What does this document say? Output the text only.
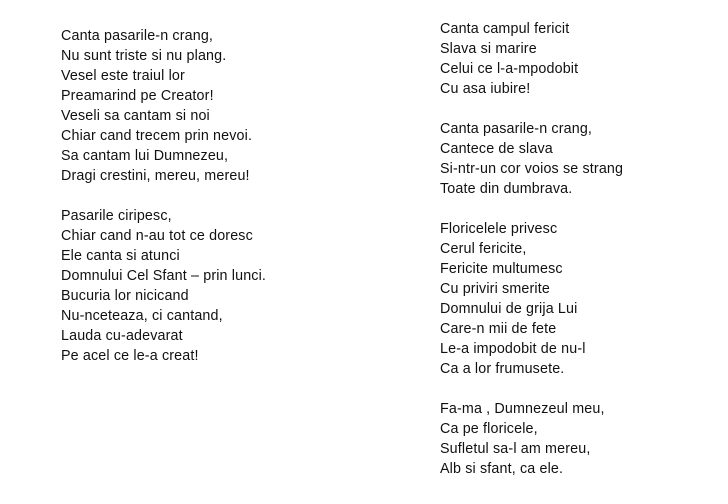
Canta pasarile-n crang,
Nu sunt triste si nu plang.
Vesel este traiul lor
Preamarind pe Creator!
Veseli sa cantam si noi
Chiar cand trecem prin nevoi.
Sa cantam lui Dumnezeu,
Dragi crestini, mereu, mereu!
Pasarile ciripesc,
Chiar cand n-au tot ce doresc
Ele canta si atunci
Domnului Cel Sfant – prin lunci.
Bucuria lor nicicand
Nu-nceteaza, ci cantand,
Lauda cu-adevarat
Pe acel ce le-a creat!
Canta campul fericit
Slava si marire
Celui ce l-a-mpodobit
Cu asa iubire!
Canta pasarile-n crang,
Cantece de slava
Si-ntr-un cor voios se strang
Toate din dumbrava.
Floricelele privesc
Cerul fericite,
Fericite multumesc
Cu priviri smerite
Domnului de grija Lui
Care-n mii de fete
Le-a impodobit de nu-l
Ca a lor frumusete.
Fa-ma , Dumnezeul meu,
Ca pe floricele,
Sufletul sa-l am mereu,
Alb si sfant, ca ele.
